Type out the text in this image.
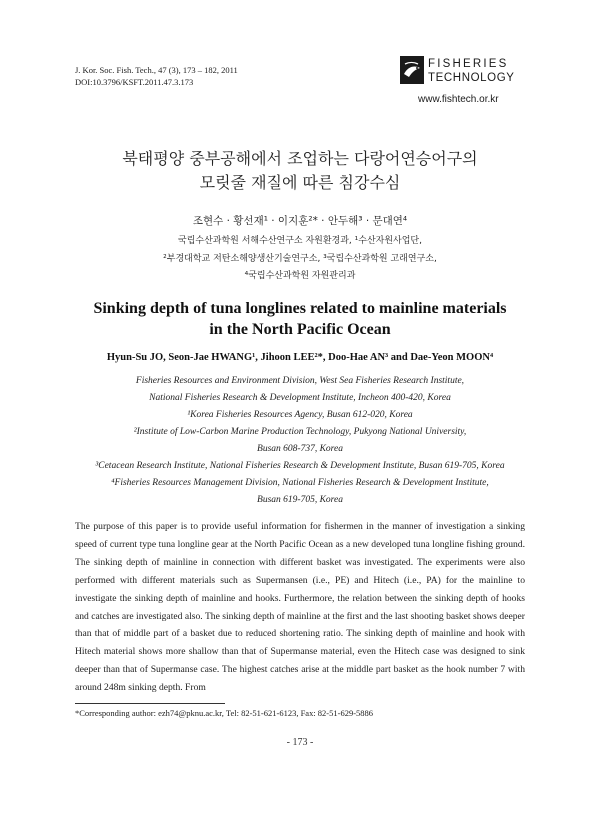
J. Kor. Soc. Fish. Tech., 47 (3), 173 – 182, 2011
DOI:10.3796/KSFT.2011.47.3.173
FISHERIES
TECHNOLOGY
www.fishtech.or.kr
북태평양 중부공해에서 조업하는 다랑어연승어구의
모릿줄 재질에 따른 침강수심
조현수 · 황선재¹ · 이지훈²* · 안두해³ · 문대연⁴
국립수산과학원 서해수산연구소 자원환경과, ¹수산자원사업단,
²부경대학교 저탄소해양생산기술연구소, ³국립수산과학원 고래연구소,
⁴국립수산과학원 자원관리과
Sinking depth of tuna longlines related to mainline materials
in the North Pacific Ocean
Hyun-Su JO, Seon-Jae HWANG¹, Jihoon LEE²*, Doo-Hae AN³ and Dae-Yeon MOON⁴
Fisheries Resources and Environment Division, West Sea Fisheries Research Institute,
National Fisheries Research & Development Institute, Incheon 400-420, Korea
¹Korea Fisheries Resources Agency, Busan 612-020, Korea
²Institute of Low-Carbon Marine Production Technology, Pukyong National University,
Busan 608-737, Korea
³Cetacean Research Institute, National Fisheries Research & Development Institute, Busan 619-705, Korea
⁴Fisheries Resources Management Division, National Fisheries Research & Development Institute,
Busan 619-705, Korea

The purpose of this paper is to provide useful information for fishermen in the manner of investigation a sinking speed of current type tuna longline gear at the North Pacific Ocean as a new developed tuna longline fishing ground. The sinking depth of mainline in connection with different basket was investigated. The experiments were also performed with different materials such as Supermansen (i.e., PE) and Hitech (i.e., PA) for the mainline to investigate the sinking depth of mainline and hooks. Furthermore, the relation between the sinking depth of hooks and catches are investigated also. The sinking depth of mainline at the first and the last shooting basket shows deeper than that of middle part of a basket due to reduced shortening ratio. The sinking depth of mainline and hook with Hitech material shows more shallow than that of Supermanse material, even the Hitech case was designed to sink deeper than that of Supermanse case. The highest catches arise at the middle part basket as the hook number 7 with around 248m sinking depth. From

*Corresponding author: ezh74@pknu.ac.kr, Tel: 82-51-621-6123, Fax: 82-51-629-5886
- 173 -
